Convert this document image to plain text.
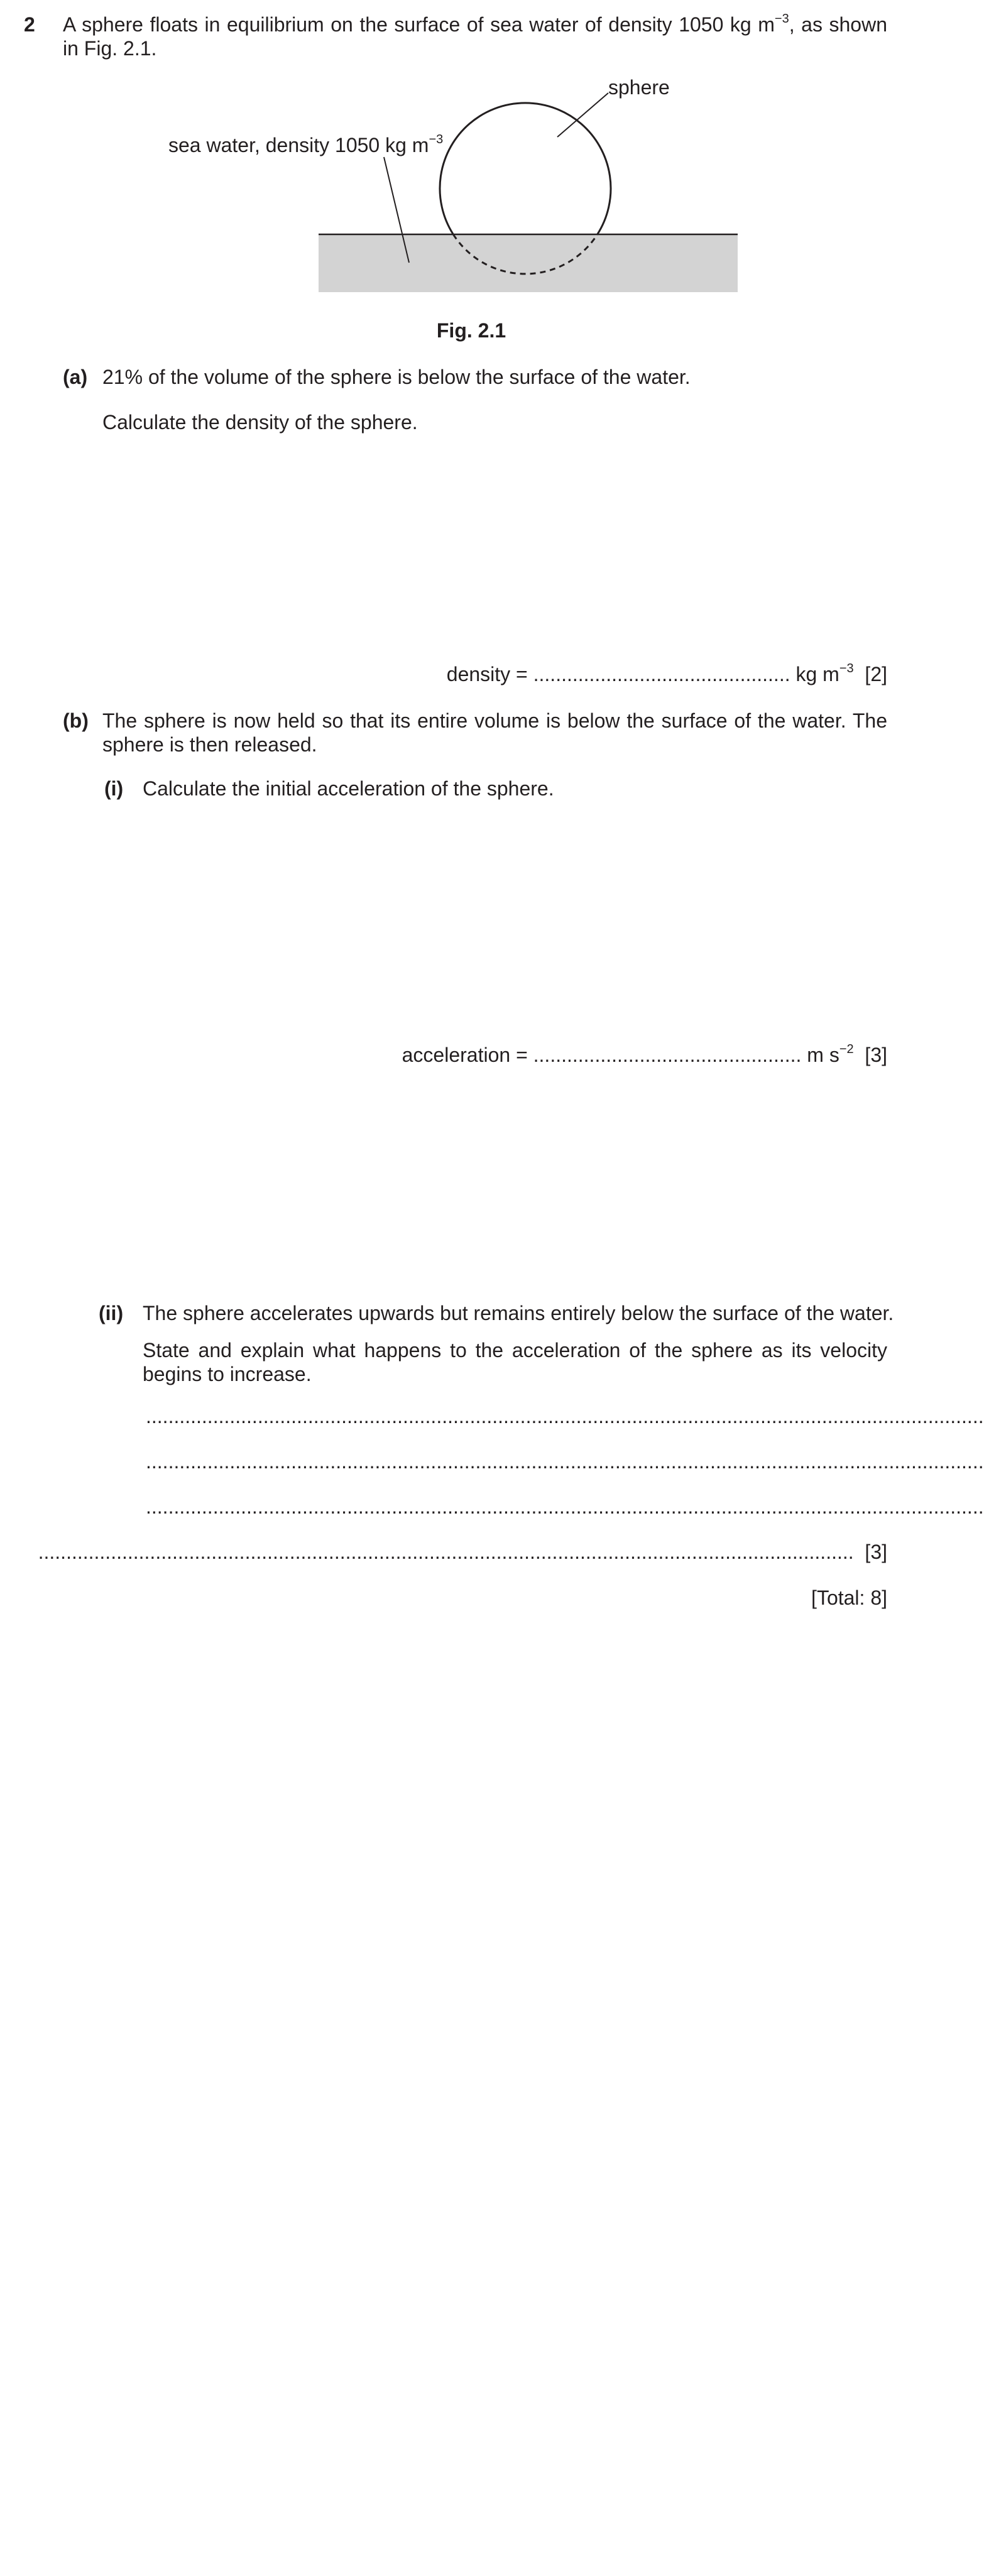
2 A sphere floats in equilibrium on the surface of sea water of density 1050 kg $m^{-3}$, as shown in Fig. 2.1.
sphere
sea water, density 1050 kg $m^{-3}$
Fig. 2.1
(a) 21% of the volume of the sphere is below the surface of the water.
Calculate the density of the sphere.
density = .............................................. kg $m^{-3}$ [2]
(b) The sphere is now held so that its entire volume is below the surface of the water. The sphere is then released.
(i) Calculate the initial acceleration of the sphere.
acceleration = ................................................ m $s^{-2}$ [3]
(ii) The sphere accelerates upwards but remains entirely below the surface of the water.
State and explain what happens to the acceleration of the sphere as its velocity begins to increase.
......................................................................................................................................................
......................................................................................................................................................
......................................................................................................................................................
.................................................................................................................................................. [3]
[Total: 8]
